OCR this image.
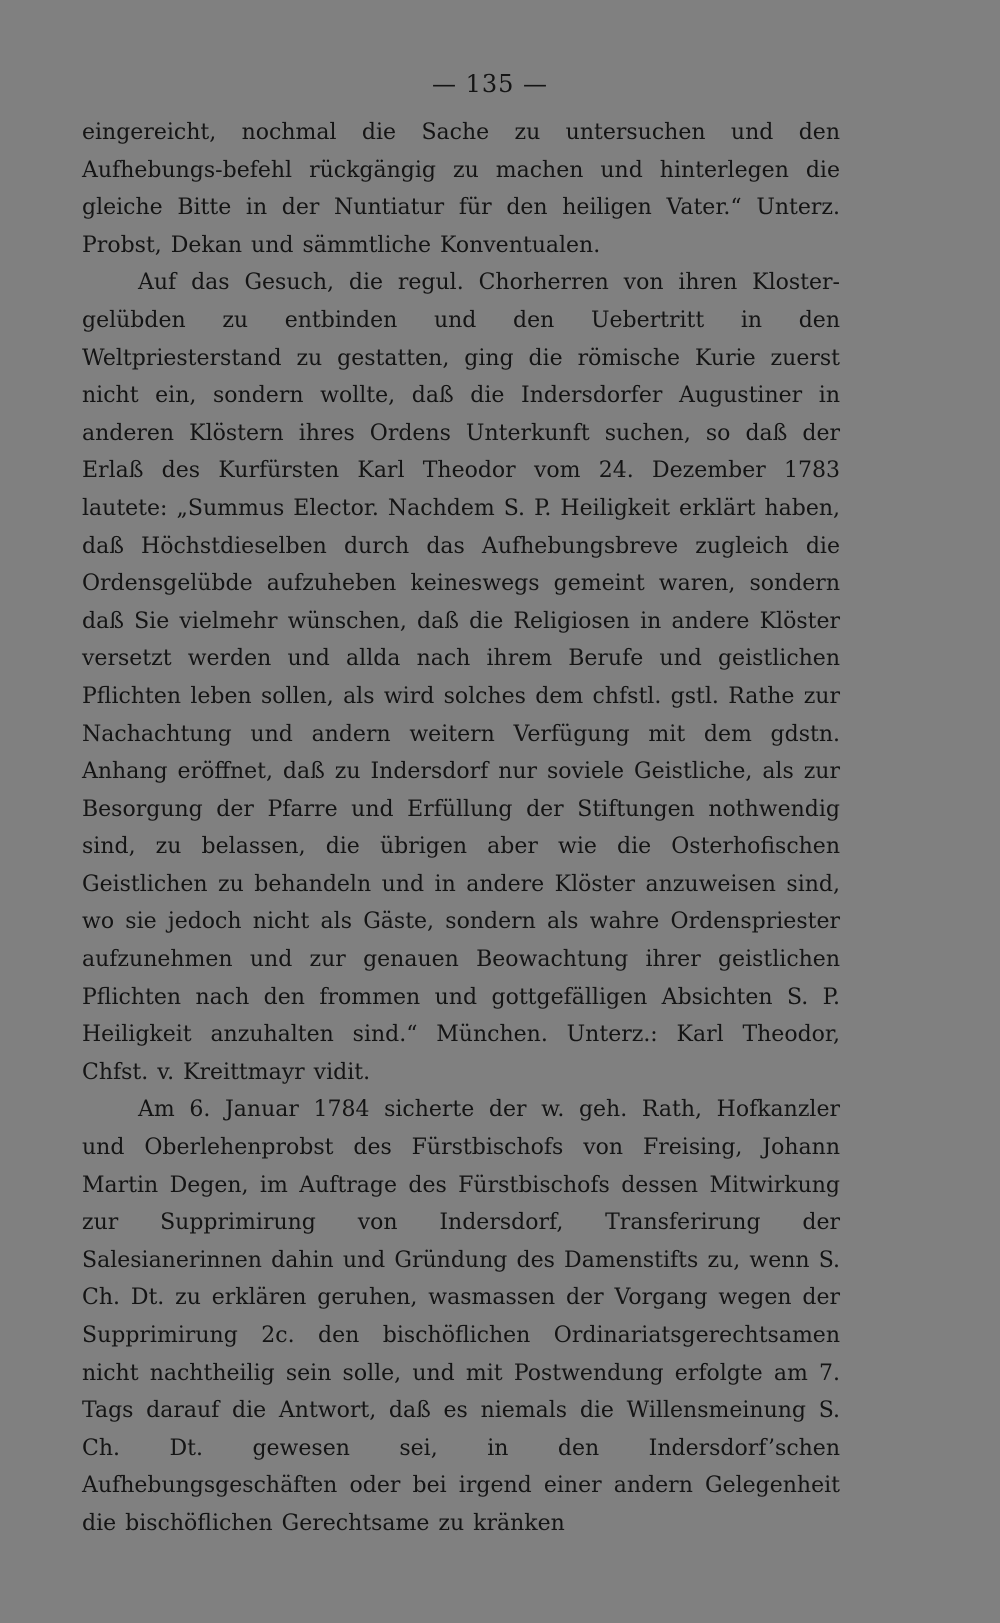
— 135 —

eingereicht, nochmal die Sache zu untersuchen und den Aufhebungs-befehl rückgängig zu machen und hinterlegen die gleiche Bitte in der Nuntiatur für den heiligen Vater.“ Unterz. Probst, Dekan und sämmtliche Konventualen.

Auf das Gesuch, die regul. Chorherren von ihren Kloster-gelübden zu entbinden und den Uebertritt in den Weltpriesterstand zu gestatten, ging die römische Kurie zuerst nicht ein, sondern wollte, daß die Indersdorfer Augustiner in anderen Klöstern ihres Ordens Unterkunft suchen, so daß der Erlaß des Kurfürsten Karl Theodor vom 24. Dezember 1783 lautete: „Summus Elector. Nachdem S. P. Heiligkeit erklärt haben, daß Höchstdieselben durch das Aufhebungsbreve zugleich die Ordensgelübde aufzuheben keineswegs gemeint waren, sondern daß Sie vielmehr wünschen, daß die Religiosen in andere Klöster versetzt werden und allda nach ihrem Berufe und geistlichen Pflichten leben sollen, als wird solches dem chfstl. gstl. Rathe zur Nachachtung und andern weitern Verfügung mit dem gdstn. Anhang eröffnet, daß zu Indersdorf nur soviele Geistliche, als zur Besorgung der Pfarre und Erfüllung der Stiftungen nothwendig sind, zu belassen, die übrigen aber wie die Osterhofischen Geistlichen zu behandeln und in andere Klöster anzuweisen sind, wo sie jedoch nicht als Gäste, sondern als wahre Ordenspriester aufzunehmen und zur genauen Beowachtung ihrer geistlichen Pflichten nach den frommen und gottgefälligen Absichten S. P. Heiligkeit anzuhalten sind.“ München. Unterz.: Karl Theodor, Chfst. v. Kreittmayr vidit.

Am 6. Januar 1784 sicherte der w. geh. Rath, Hofkanzler und Oberlehenprobst des Fürstbischofs von Freising, Johann Martin Degen, im Auftrage des Fürstbischofs dessen Mitwirkung zur Supprimirung von Indersdorf, Transferirung der Salesianerinnen dahin und Gründung des Damenstifts zu, wenn S. Ch. Dt. zu erklären geruhen, wasmassen der Vorgang wegen der Supprimirung 2c. den bischöflichen Ordinariatsgerechtsamen nicht nachtheilig sein solle, und mit Postwendung erfolgte am 7. Tags darauf die Antwort, daß es niemals die Willensmeinung S. Ch. Dt. gewesen sei, in den Indersdorf’schen Aufhebungsgeschäften oder bei irgend einer andern Gelegenheit die bischöflichen Gerechtsame zu kränken
